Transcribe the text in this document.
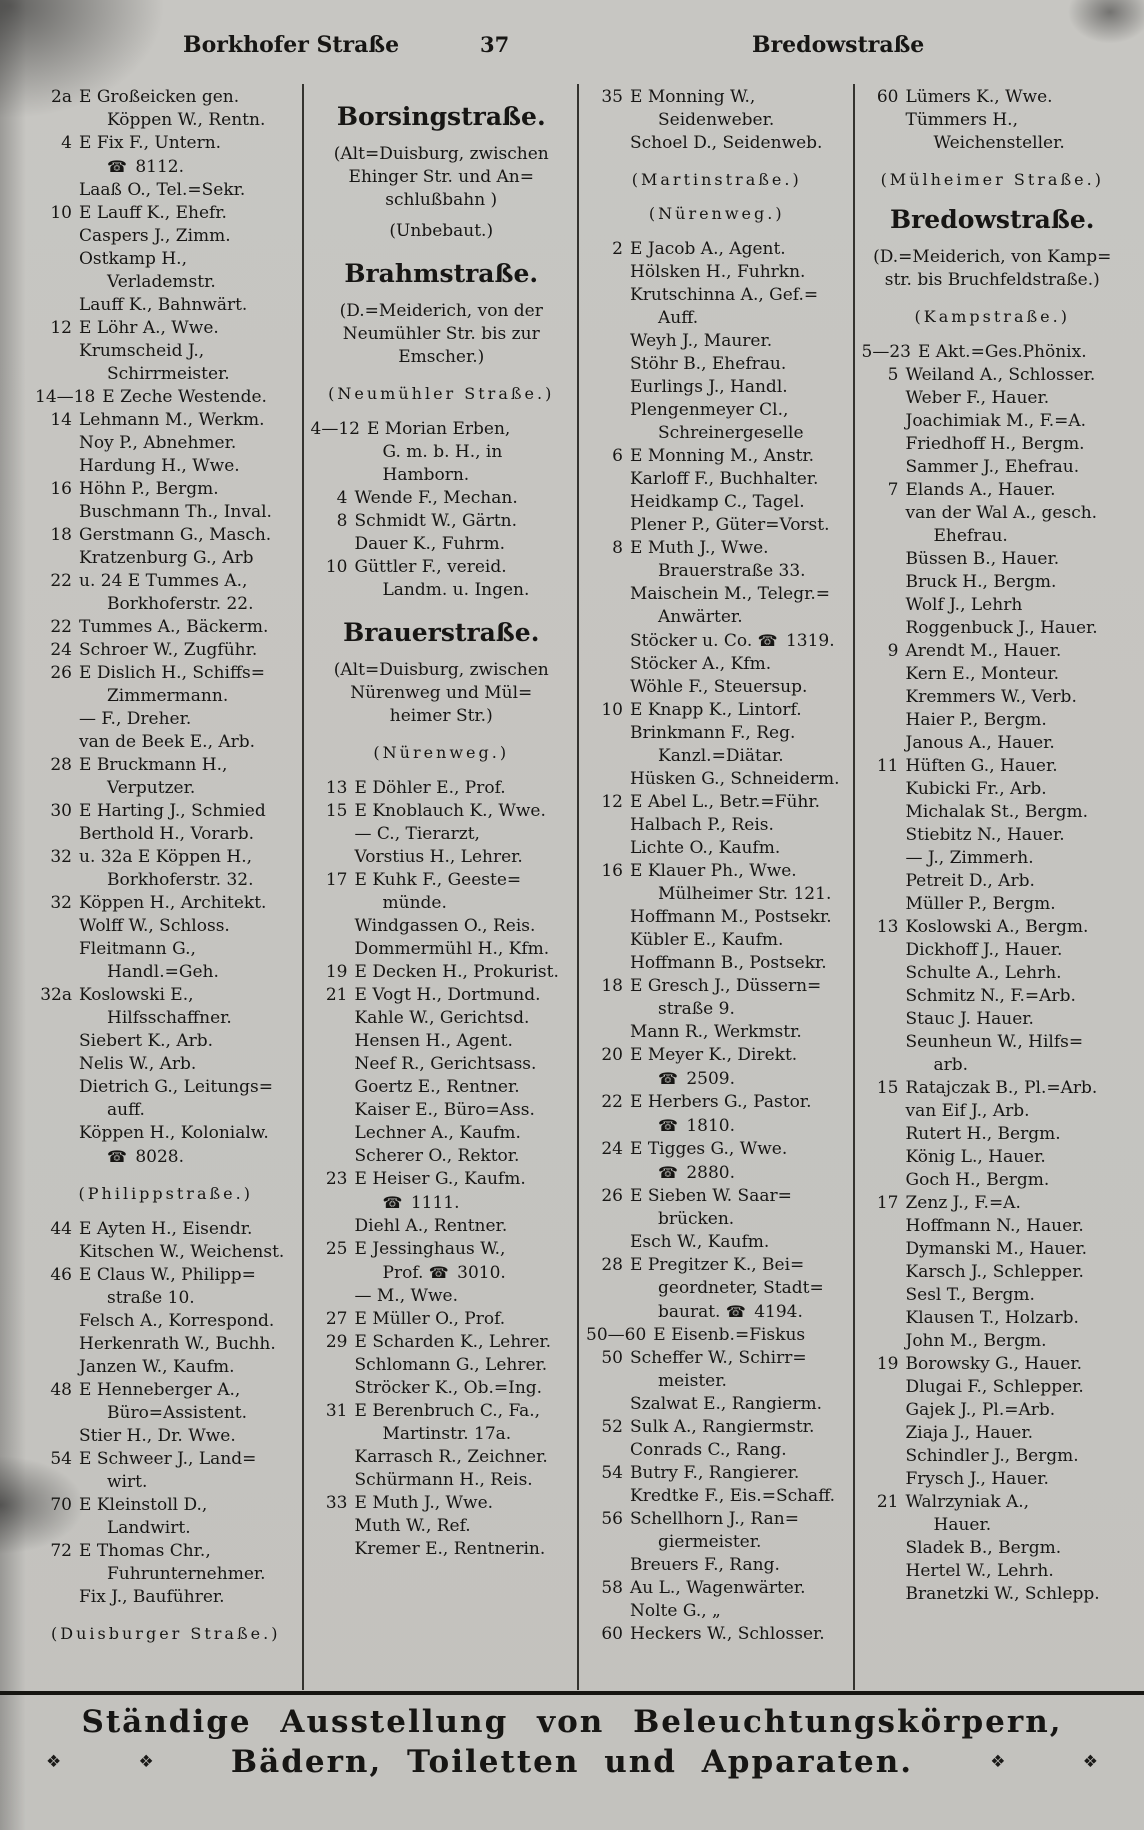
Borkhofer Straße	37	Bredowstraße
2a E Großeicken gen.
Köppen W., Rentn.
4 E Fix F., Untern.
☎ 8112.
Laaß O., Tel.=Sekr.
10 E Lauff K., Ehefr.
Caspers J., Zimm.
Ostkamp H.,
Verlademstr.
Lauff K., Bahnwärt.
12 E Löhr A., Wwe.
Krumscheid J.,
Schirrmeister.
14—18 E Zeche Westende.
14 Lehmann M., Werkm.
Noy P., Abnehmer.
Hardung H., Wwe.
16 Höhn P., Bergm.
Buschmann Th., Inval.
18 Gerstmann G., Masch.
Kratzenburg G., Arb
22 u. 24 E Tummes A.,
Borkhoferstr. 22.
22 Tummes A., Bäckerm.
24 Schroer W., Zugführ.
26 E Dislich H., Schiffs=
Zimmermann.
— F., Dreher.
van de Beek E., Arb.
28 E Bruckmann H.,
Verputzer.
30 E Harting J., Schmied
Berthold H., Vorarb.
32 u. 32a E Köppen H.,
Borkhoferstr. 32.
32 Köppen H., Architekt.
Wolff W., Schloss.
Fleitmann G.,
Handl.=Geh.
32a Koslowski E.,
Hilfsschaffner.
Siebert K., Arb.
Nelis W., Arb.
Dietrich G., Leitungs=
auff.
Köppen H., Kolonialw.
☎ 8028.
(Philippstraße.)
44 E Ayten H., Eisendr.
Kitschen W., Weichenst.
46 E Claus W., Philipp=
straße 10.
Felsch A., Korrespond.
Herkenrath W., Buchh.
Janzen W., Kaufm.
48 E Henneberger A.,
Büro=Assistent.
Stier H., Dr. Wwe.
54 E Schweer J., Land=
wirt.
70 E Kleinstoll D.,
Landwirt.
72 E Thomas Chr.,
Fuhrunternehmer.
Fix J., Bauführer.
(Duisburger Straße.)
Borsingstraße.
(Alt=Duisburg, zwischen
Ehinger Str. und An=
schlußbahn )
(Unbebaut.)
Brahmstraße.
(D.=Meiderich, von der
Neumühler Str. bis zur
Emscher.)
(Neumühler Straße.)
4—12 E Morian Erben,
G. m. b. H., in
Hamborn.
4 Wende F., Mechan.
8 Schmidt W., Gärtn.
Dauer K., Fuhrm.
10 Güttler F., vereid.
Landm. u. Ingen.
Brauerstraße.
(Alt=Duisburg, zwischen
Nürenweg und Mül=
heimer Str.)
(Nürenweg.)
13 E Döhler E., Prof.
15 E Knoblauch K., Wwe.
— C., Tierarzt,
Vorstius H., Lehrer.
17 E Kuhk F., Geeste=
münde.
Windgassen O., Reis.
Dommermühl H., Kfm.
19 E Decken H., Prokurist.
21 E Vogt H., Dortmund.
Kahle W., Gerichtsd.
Hensen H., Agent.
Neef R., Gerichtsass.
Goertz E., Rentner.
Kaiser E., Büro=Ass.
Lechner A., Kaufm.
Scherer O., Rektor.
23 E Heiser G., Kaufm.
☎ 1111.
Diehl A., Rentner.
25 E Jessinghaus W.,
Prof. ☎ 3010.
— M., Wwe.
27 E Müller O., Prof.
29 E Scharden K., Lehrer.
Schlomann G., Lehrer.
Ströcker K., Ob.=Ing.
31 E Berenbruch C., Fa.,
Martinstr. 17a.
Karrasch R., Zeichner.
Schürmann H., Reis.
33 E Muth J., Wwe.
Muth W., Ref.
Kremer E., Rentnerin.
35 E Monning W.,
Seidenweber.
Schoel D., Seidenweb.
(Martinstraße.)
(Nürenweg.)
2 E Jacob A., Agent.
Hölsken H., Fuhrkn.
Krutschinna A., Gef.=
Auff.
Weyh J., Maurer.
Stöhr B., Ehefrau.
Eurlings J., Handl.
Plengenmeyer Cl.,
Schreinergeselle
6 E Monning M., Anstr.
Karloff F., Buchhalter.
Heidkamp C., Tagel.
Plener P., Güter=Vorst.
8 E Muth J., Wwe.
Brauerstraße 33.
Maischein M., Telegr.=
Anwärter.
Stöcker u. Co. ☎ 1319.
Stöcker A., Kfm.
Wöhle F., Steuersup.
10 E Knapp K., Lintorf.
Brinkmann F., Reg.
Kanzl.=Diätar.
Hüsken G., Schneiderm.
12 E Abel L., Betr.=Führ.
Halbach P., Reis.
Lichte O., Kaufm.
16 E Klauer Ph., Wwe.
Mülheimer Str. 121.
Hoffmann M., Postsekr.
Kübler E., Kaufm.
Hoffmann B., Postsekr.
18 E Gresch J., Düssern=
straße 9.
Mann R., Werkmstr.
20 E Meyer K., Direkt.
☎ 2509.
22 E Herbers G., Pastor.
☎ 1810.
24 E Tigges G., Wwe.
☎ 2880.
26 E Sieben W. Saar=
brücken.
Esch W., Kaufm.
28 E Pregitzer K., Bei=
geordneter, Stadt=
baurat. ☎ 4194.
50—60 E Eisenb.=Fiskus
50 Scheffer W., Schirr=
meister.
Szalwat E., Rangierm.
52 Sulk A., Rangiermstr.
Conrads C., Rang.
54 Butry F., Rangierer.
Kredtke F., Eis.=Schaff.
56 Schellhorn J., Ran=
giermeister.
Breuers F., Rang.
58 Au L., Wagenwärter.
Nolte G., „
60 Heckers W., Schlosser.
60 Lümers K., Wwe.
Tümmers H.,
Weichensteller.
(Mülheimer Straße.)
Bredowstraße.
(D.=Meiderich, von Kamp=
str. bis Bruchfeldstraße.)
(Kampstraße.)
5—23 E Akt.=Ges.Phönix.
5 Weiland A., Schlosser.
Weber F., Hauer.
Joachimiak M., F.=A.
Friedhoff H., Bergm.
Sammer J., Ehefrau.
7 Elands A., Hauer.
van der Wal A., gesch.
Ehefrau.
Büssen B., Hauer.
Bruck H., Bergm.
Wolf J., Lehrh
Roggenbuck J., Hauer.
9 Arendt M., Hauer.
Kern E., Monteur.
Kremmers W., Verb.
Haier P., Bergm.
Janous A., Hauer.
11 Hüften G., Hauer.
Kubicki Fr., Arb.
Michalak St., Bergm.
Stiebitz N., Hauer.
— J., Zimmerh.
Petreit D., Arb.
Müller P., Bergm.
13 Koslowski A., Bergm.
Dickhoff J., Hauer.
Schulte A., Lehrh.
Schmitz N., F.=Arb.
Stauc J. Hauer.
Seunheun W., Hilfs=
arb.
15 Ratajczak B., Pl.=Arb.
van Eif J., Arb.
Rutert H., Bergm.
König L., Hauer.
Goch H., Bergm.
17 Zenz J., F.=A.
Hoffmann N., Hauer.
Dymanski M., Hauer.
Karsch J., Schlepper.
Sesl T., Bergm.
Klausen T., Holzarb.
John M., Bergm.
19 Borowsky G., Hauer.
Dlugai F., Schlepper.
Gajek J., Pl.=Arb.
Ziaja J., Hauer.
Schindler J., Bergm.
Frysch J., Hauer.
21 Walrzyniak A.,
Hauer.
Sladek B., Bergm.
Hertel W., Lehrh.
Branetzki W., Schlepp.
Ständige Ausstellung von Beleuchtungskörpern,
❖	❖ Bädern, Toiletten und Apparaten.	❖	❖
